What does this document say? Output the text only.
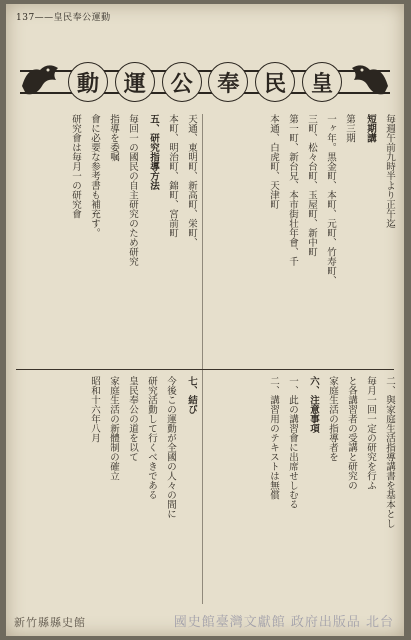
137——皇民奉公運動
動	運	公	奉	民	皇

毎週午前九時半より正午迄

短期講

第三期

一ヶ年。黒金町、本町、元町、竹寿町、

三町、松々台町、玉屋町、新中町

第一町、新台兄、本市街壮年會、千

本通、白虎町、天津町

天通、東明町、新高町、栄町、

本町、明治町、錦町、宮前町

五、研究指導方法

毎回一の國民の自主研究のため研究

指導を委嘱

會に必要な参考書も補充す。

研究會は毎月一の研究會

二、與家庭生活指導講書を基本とし

毎月一回一定の研究を行ふ

と各講習者の受講と研究の

家庭生活の指導者を

六、注意事項

一、此の講習會に出席せしむる

二、講習用のテキストは無償

七、結び

今後この運動が全國の人々の間に

研究活動して行くべきである

皇民奉公の道を以て

家庭生活の新體制の確立

昭和十六年八月

新竹縣縣史館	國史館臺灣文獻館 政府出版品 北台
